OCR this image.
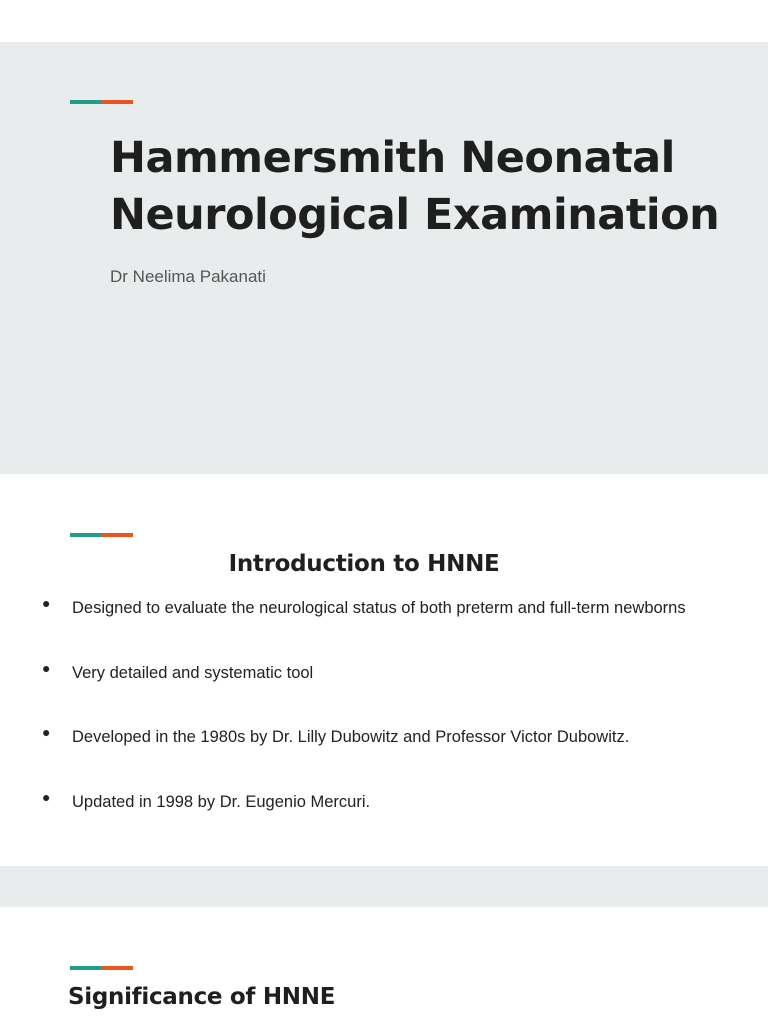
Hammersmith Neonatal
Neurological Examination
Dr Neelima Pakanati
Introduction to HNNE
● Designed to evaluate the neurological status of both preterm and full-term newborns
● Very detailed and systematic tool
● Developed in the 1980s by Dr. Lilly Dubowitz and Professor Victor Dubowitz.
● Updated in 1998 by Dr. Eugenio Mercuri.
Significance of HNNE
